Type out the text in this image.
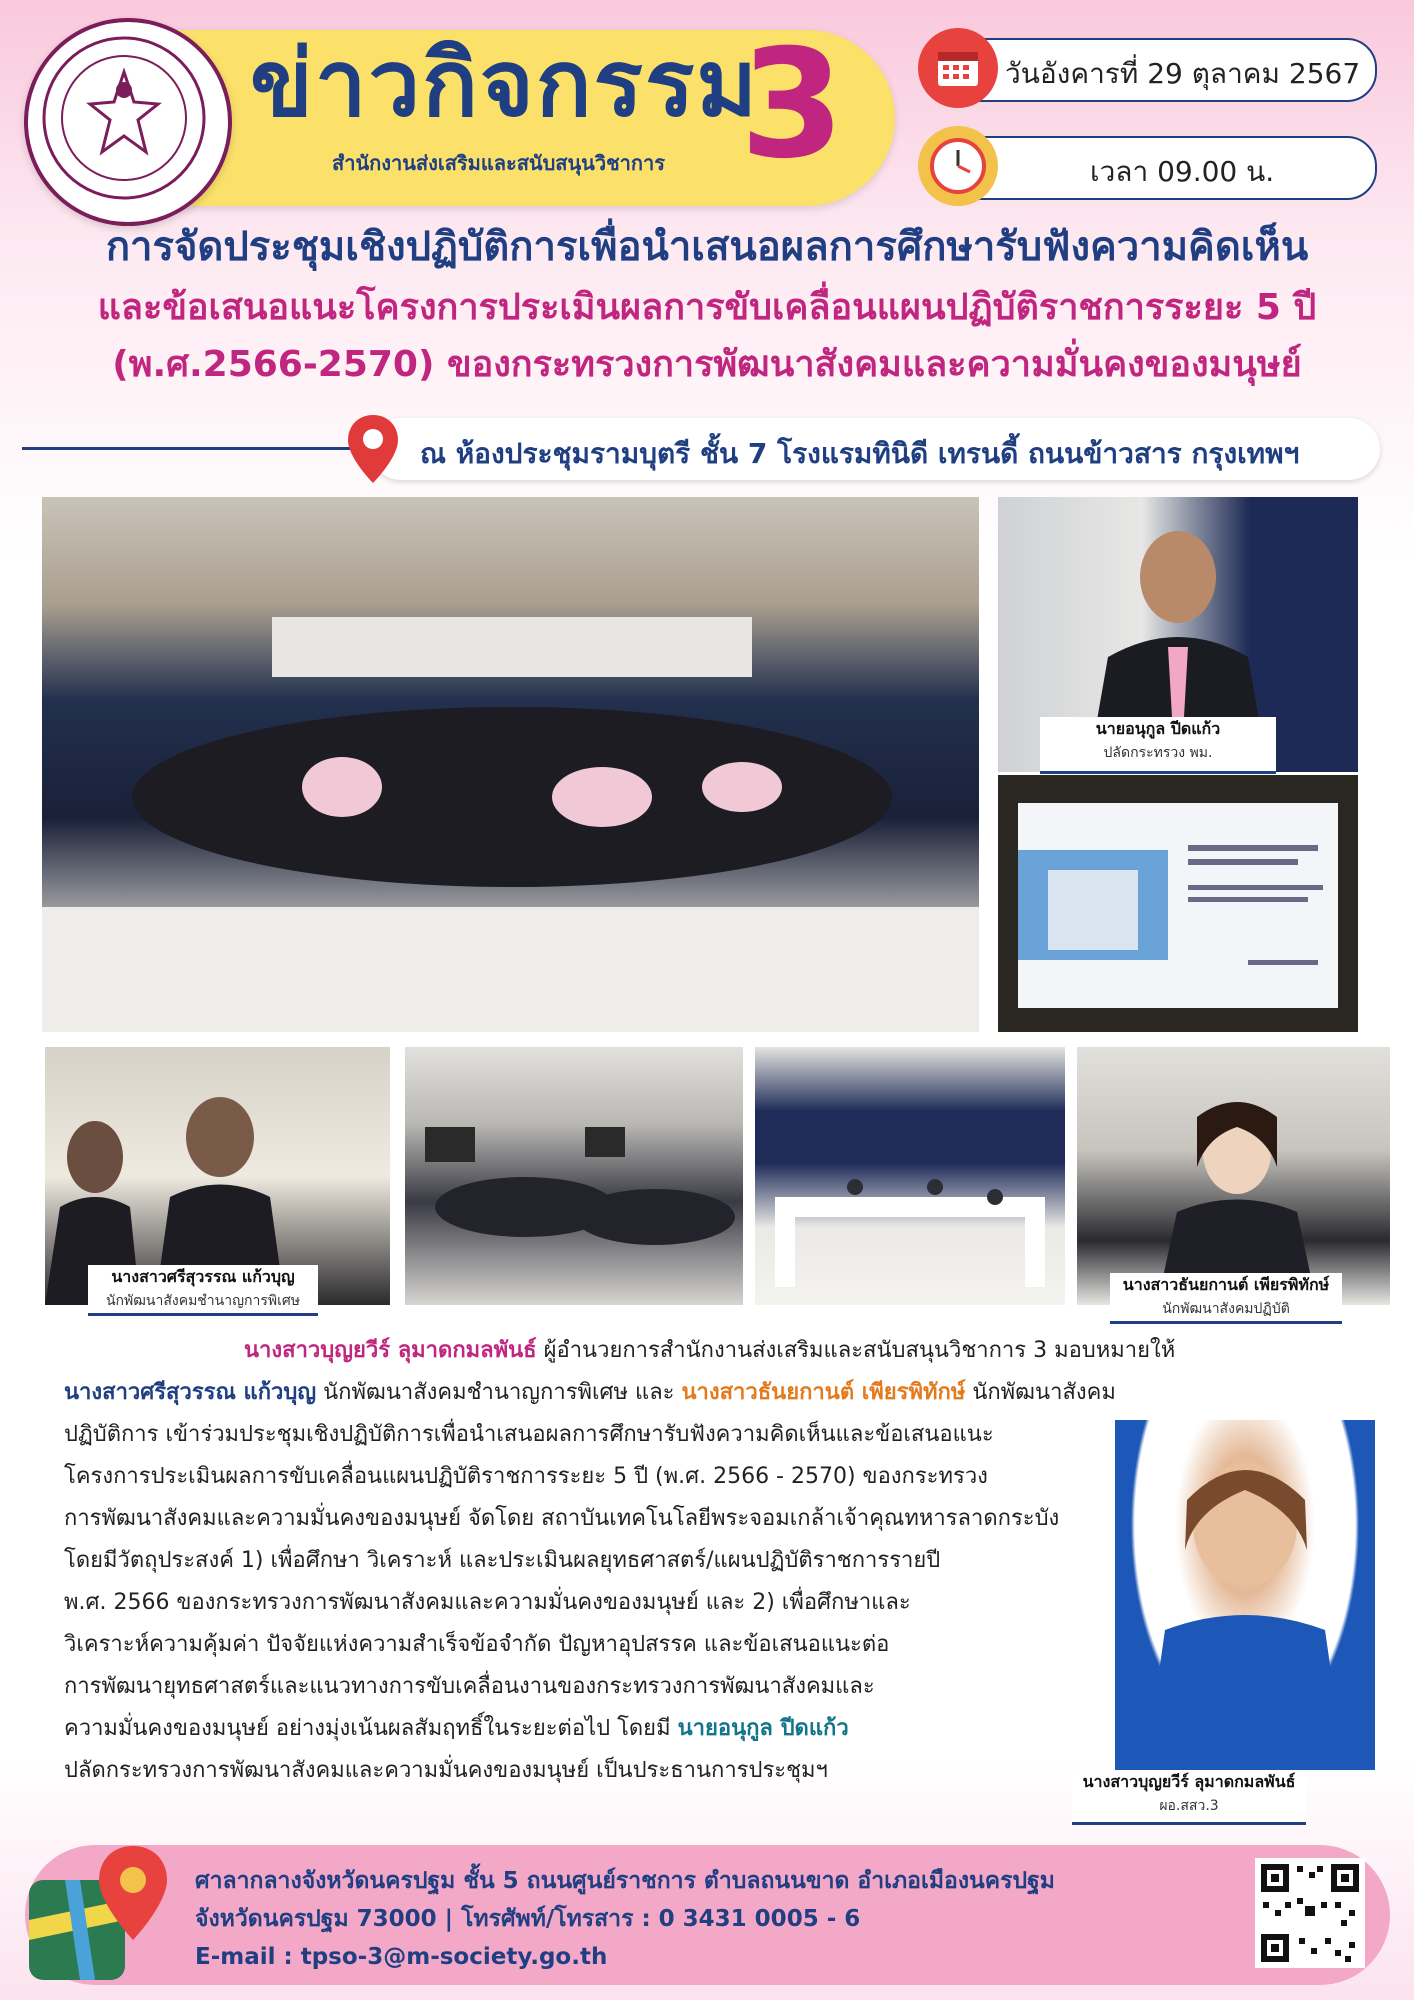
ข่าวกิจกรรม
3
สำนักงานส่งเสริมและสนับสนุนวิชาการ
วันอังคารที่ 29 ตุลาคม 2567
เวลา 09.00 น.
การจัดประชุมเชิงปฏิบัติการเพื่อนำเสนอผลการศึกษารับฟังความคิดเห็น
และข้อเสนอแนะโครงการประเมินผลการขับเคลื่อนแผนปฏิบัติราชการระยะ 5 ปี
(พ.ศ.2566-2570) ของกระทรวงการพัฒนาสังคมและความมั่นคงของมนุษย์
ณ ห้องประชุมรามบุตรี ชั้น 7 โรงแรมทินิดี เทรนดี้ ถนนข้าวสาร กรุงเทพฯ
นายอนุกูล ปีดแก้ว
ปลัดกระทรวง พม.
นางสาวศรีสุวรรณ แก้วบุญ
นักพัฒนาสังคมชำนาญการพิเศษ
นางสาวธันยกานต์ เพียรพิทักษ์
นักพัฒนาสังคมปฏิบัติ
นางสาวบุญยวีร์ ลุมาดกมลพันธ์ ผู้อำนวยการสำนักงานส่งเสริมและสนับสนุนวิชาการ 3 มอบหมายให้
นางสาวศรีสุวรรณ แก้วบุญ นักพัฒนาสังคมชำนาญการพิเศษ และ นางสาวธันยกานต์ เพียรพิทักษ์ นักพัฒนาสังคม
ปฏิบัติการ เข้าร่วมประชุมเชิงปฏิบัติการเพื่อนำเสนอผลการศึกษารับฟังความคิดเห็นและข้อเสนอแนะ
โครงการประเมินผลการขับเคลื่อนแผนปฏิบัติราชการระยะ 5 ปี (พ.ศ. 2566 - 2570) ของกระทรวง
การพัฒนาสังคมและความมั่นคงของมนุษย์ จัดโดย สถาบันเทคโนโลยีพระจอมเกล้าเจ้าคุณทหารลาดกระบัง
โดยมีวัตถุประสงค์ 1) เพื่อศึกษา วิเคราะห์ และประเมินผลยุทธศาสตร์/แผนปฏิบัติราชการรายปี
พ.ศ. 2566 ของกระทรวงการพัฒนาสังคมและความมั่นคงของมนุษย์ และ 2) เพื่อศึกษาและ
วิเคราะห์ความคุ้มค่า ปัจจัยแห่งความสำเร็จข้อจำกัด ปัญหาอุปสรรค และข้อเสนอแนะต่อ
การพัฒนายุทธศาสตร์และแนวทางการขับเคลื่อนงานของกระทรวงการพัฒนาสังคมและ
ความมั่นคงของมนุษย์ อย่างมุ่งเน้นผลสัมฤทธิ์ในระยะต่อไป โดยมี นายอนุกูล ปีดแก้ว
ปลัดกระทรวงการพัฒนาสังคมและความมั่นคงของมนุษย์ เป็นประธานการประชุมฯ	นางสาวบุญยวีร์ ลุมาดกมลพันธ์
ผอ.สสว.3
ศาลากลางจังหวัดนครปฐม ชั้น 5 ถนนศูนย์ราชการ ตำบลถนนขาด อำเภอเมืองนครปฐม
จังหวัดนครปฐม 73000 | โทรศัพท์/โทรสาร : 0 3431 0005 - 6
E-mail : tpso-3@m-society.go.th
